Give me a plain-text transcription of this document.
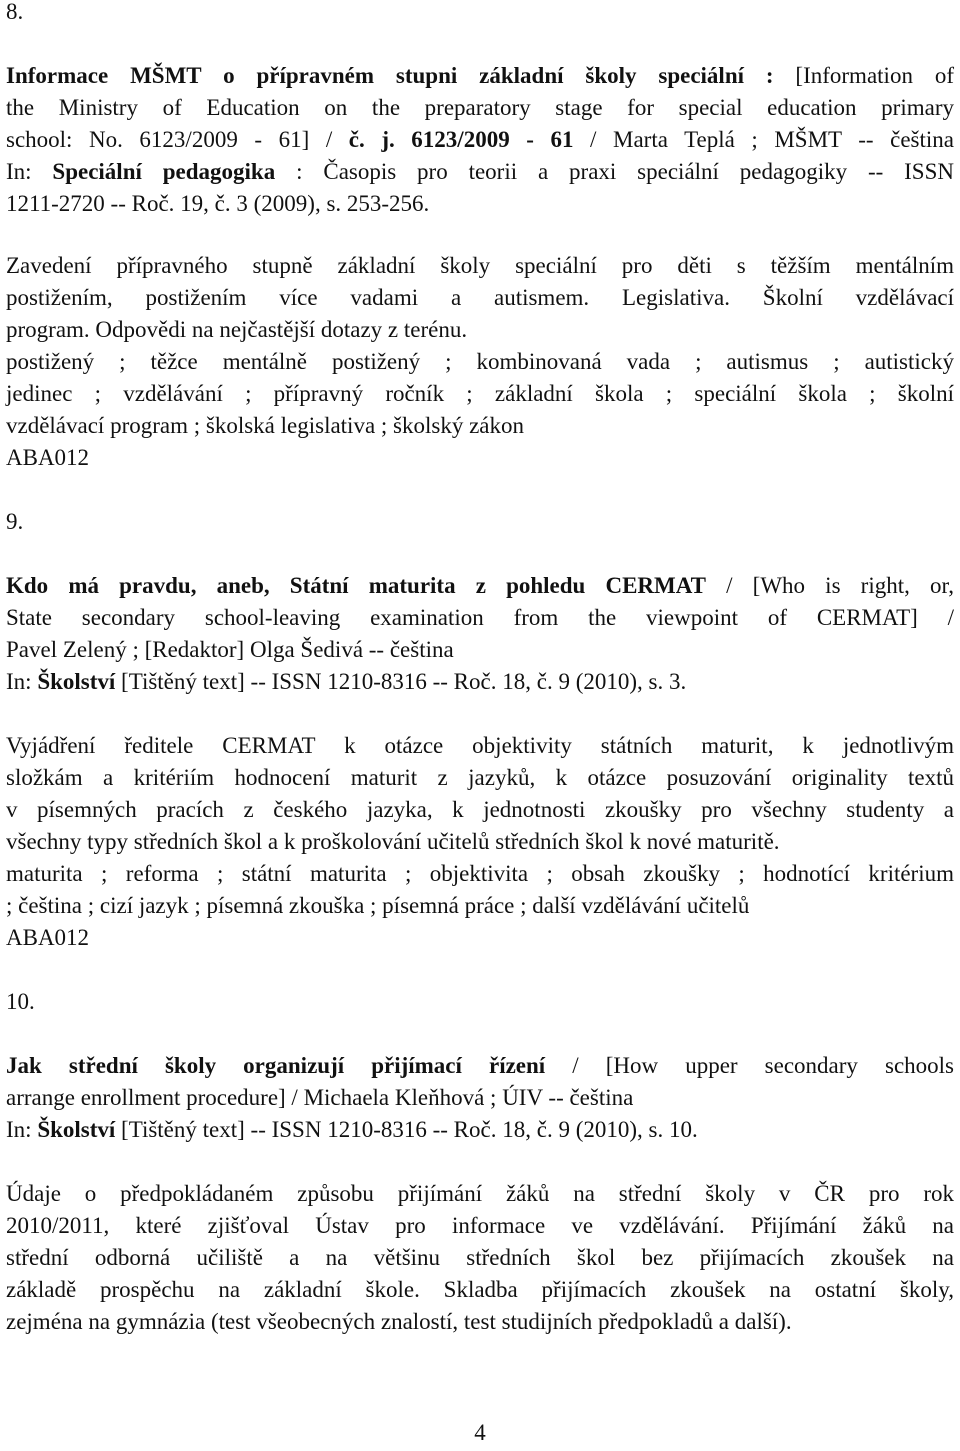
8.
Informace MŠMT o přípravném stupni základní školy speciální : [Information of
the Ministry of Education on the preparatory stage for special education primary
school: No. 6123/2009 - 61] / č. j. 6123/2009 - 61 / Marta Teplá ; MŠMT -- čeština
In: Speciální pedagogika : Časopis pro teorii a praxi speciální pedagogiky -- ISSN
1211-2720 -- Roč. 19, č. 3 (2009), s. 253-256.
Zavedení přípravného stupně základní školy speciální pro děti s těžším mentálním
postižením, postižením více vadami a autismem. Legislativa. Školní vzdělávací
program. Odpovědi na nejčastější dotazy z terénu.
postižený ; těžce mentálně postižený ; kombinovaná vada ; autismus ; autistický
jedinec ; vzdělávání ; přípravný ročník ; základní škola ; speciální škola ; školní
vzdělávací program ; školská legislativa ; školský zákon
ABA012
9.
Kdo má pravdu, aneb, Státní maturita z pohledu CERMAT / [Who is right, or,
State secondary school-leaving examination from the viewpoint of CERMAT] /
Pavel Zelený ; [Redaktor] Olga Šedivá -- čeština
In: Školství [Tištěný text] -- ISSN 1210-8316 -- Roč. 18, č. 9 (2010), s. 3.
Vyjádření ředitele CERMAT k otázce objektivity státních maturit, k jednotlivým
složkám a kritériím hodnocení maturit z jazyků, k otázce posuzování originality textů
v písemných pracích z českého jazyka, k jednotnosti zkoušky pro všechny studenty a
všechny typy středních škol a k proškolování učitelů středních škol k nové maturitě.
maturita ; reforma ; státní maturita ; objektivita ; obsah zkoušky ; hodnotící kritérium
; čeština ; cizí jazyk ; písemná zkouška ; písemná práce ; další vzdělávání učitelů
ABA012
10.
Jak střední školy organizují přijímací řízení / [How upper secondary schools
arrange enrollment procedure] / Michaela Kleňhová ; ÚIV -- čeština
In: Školství [Tištěný text] -- ISSN 1210-8316 -- Roč. 18, č. 9 (2010), s. 10.
Údaje o předpokládaném způsobu přijímání žáků na střední školy v ČR pro rok
2010/2011, které zjišťoval Ústav pro informace ve vzdělávání. Přijímání žáků na
střední odborná učiliště a na většinu středních škol bez přijímacích zkoušek na
základě prospěchu na základní škole. Skladba přijímacích zkoušek na ostatní školy,
zejména na gymnázia (test všeobecných znalostí, test studijních předpokladů a další).
4
